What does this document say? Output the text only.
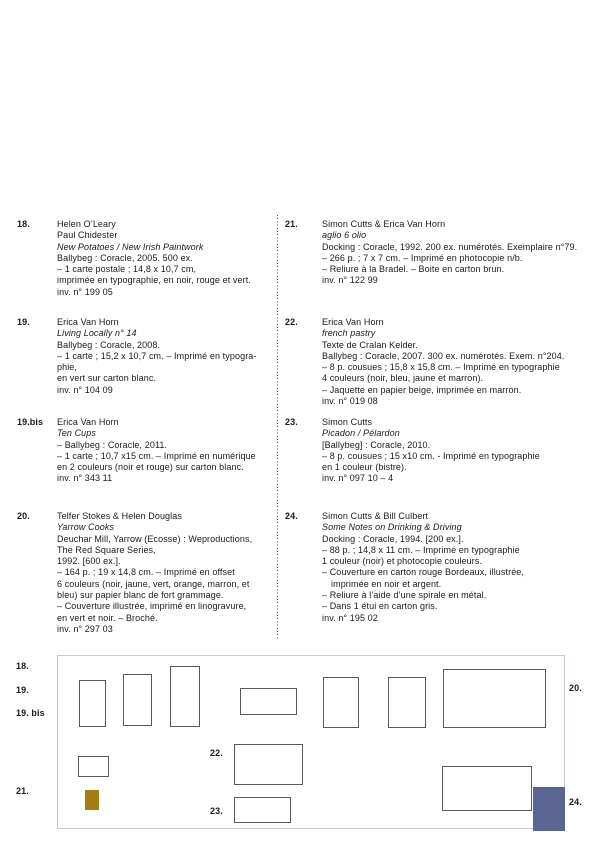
18.	Helen O’Leary
Paul Chidester
New Potatoes / New Irish Paintwork
Ballybeg : Coracle, 2005. 500 ex.
– 1 carte postale ; 14,8 x 10,7 cm,
imprimée en typographie, en noir, rouge et vert.
inv. n° 199 05
19.	Erica Van Horn
Living Locally n° 14
Ballybeg : Coracle, 2008.
– 1 carte ; 15,2 x 10,7 cm. – Imprimé en typogra-
phie,
en vert sur carton blanc.
inv. n° 104 09
19.bis Erica Van Horn
Ten Cups
– Ballybeg : Coracle, 2011.
– 1 carte ; 10,7 x15 cm. – Imprimé en numérique
en 2 couleurs (noir et rouge) sur carton blanc.
inv. n° 343 11
20.	Telfer Stokes & Helen Douglas
Yarrow Cooks
Deuchar Mill, Yarrow (Ecosse) : Weproductions,
The Red Square Series,
1992. [600 ex.].
– 164 p. ; 19 x 14,8 cm. – Imprimé en offset
6 couleurs (noir, jaune, vert, orange, marron, et
bleu) sur papier blanc de fort grammage.
– Couverture illustrée, imprimé en linogravure,
en vert et noir. – Broché.
inv. n° 297 03
21.	Simon Cutts & Erica Van Horn
aglio 6 olio
Docking : Coracle, 1992. 200 ex. numérotés. Exemplaire n°79.
– 266 p. ; 7 x 7 cm. – Imprimé en photocopie n/b.
– Reliure à la Bradel. – Boite en carton brun.
inv. n° 122 99
22.	Erica Van Horn
french pastry
Texte de Cralan Kelder.
Ballybeg : Coracle, 2007. 300 ex. numérotés. Exem. n°204.
– 8 p. cousues ; 15,8 x 15,8 cm. – Imprimé en typographie
4 couleurs (noir, bleu, jaune et marron).
– Jaquette en papier beige, imprimée en marron.
inv. n° 019 08
23.	Simon Cutts
Picadon / Pélardon
[Ballybeg] : Coracle, 2010.
– 8 p. cousues ; 15 x10 cm. - Imprimé en typographie
en 1 couleur (bistre).
inv. n° 097 10 – 4
24.	Simon Cutts & Bill Culbert
Some Notes on Drinking & Driving
Docking : Coracle, 1994. [200 ex.].
– 88 p. ; 14,8 x 11 cm. – Imprimé en typographie
1 couleur (noir) et photocopie couleurs.
– Couverture en carton rouge Bordeaux, illustrée,
imprimée en noir et argent.
– Reliure à l’aide d’une spirale en métal.
– Dans 1 étui en carton gris.
inv. n° 195 02
18.
19.
19. bis
21.
22.
23.
20.
24.
